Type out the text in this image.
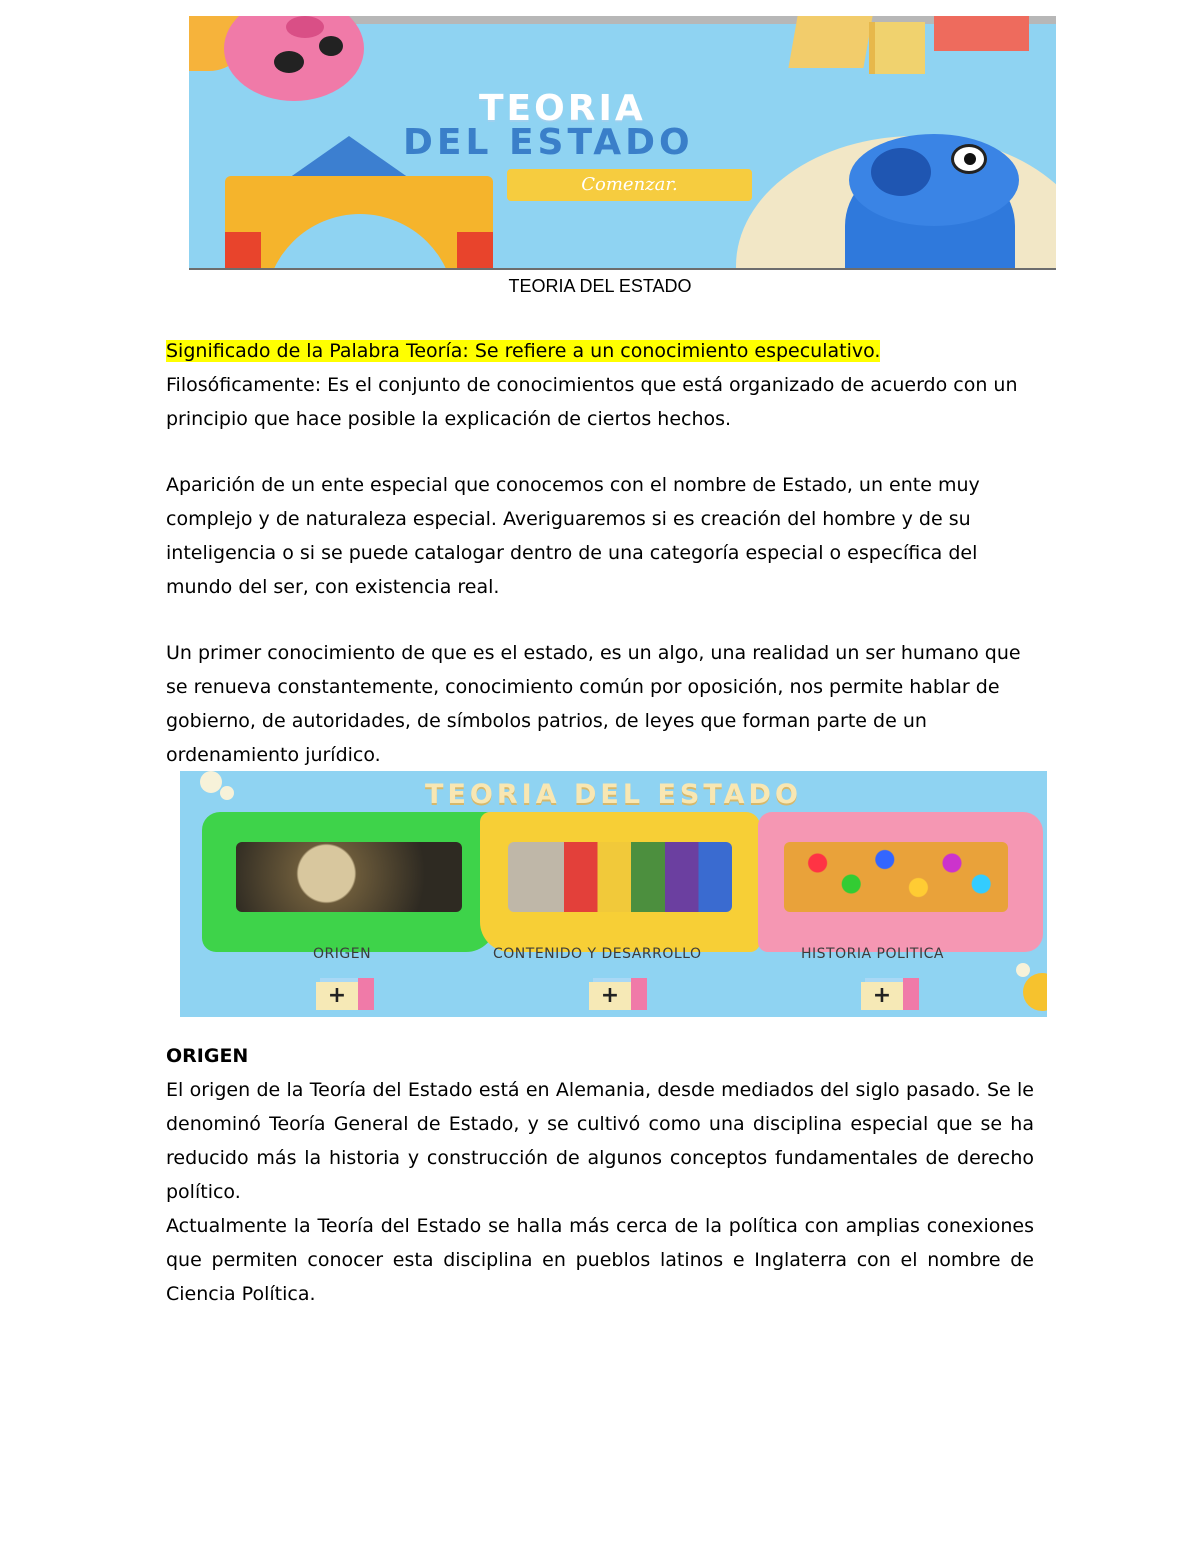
TEORIA
DEL ESTADO
Comenzar.
TEORIA DEL ESTADO

Significado de la Palabra Teoría: Se refiere a un conocimiento especulativo. Filosóficamente: Es el conjunto de conocimientos que está organizado de acuerdo con un principio que hace posible la explicación de ciertos hechos.

Aparición de un ente especial que conocemos con el nombre de Estado, un ente muy complejo y de naturaleza especial. Averiguaremos si es creación del hombre y de su inteligencia o si se puede catalogar dentro de una categoría especial o específica del mundo del ser, con existencia real.

Un primer conocimiento de que es el estado, es un algo, una realidad un ser humano que se renueva constantemente, conocimiento común por oposición, nos permite hablar de gobierno, de autoridades, de símbolos patrios, de leyes que forman parte de un ordenamiento jurídico.

TEORIA DEL ESTADO
ORIGEN	CONTENIDO Y DESARROLLO	HISTORIA POLITICA
+	+	+

ORIGEN

El origen de la Teoría del Estado está en Alemania, desde mediados del siglo pasado. Se le denominó Teoría General de Estado, y se cultivó como una disciplina especial que se ha reducido más la historia y construcción de algunos conceptos fundamentales de derecho político.

Actualmente la Teoría del Estado se halla más cerca de la política con amplias conexiones que permiten conocer esta disciplina en pueblos latinos e Inglaterra con el nombre de Ciencia Política.
